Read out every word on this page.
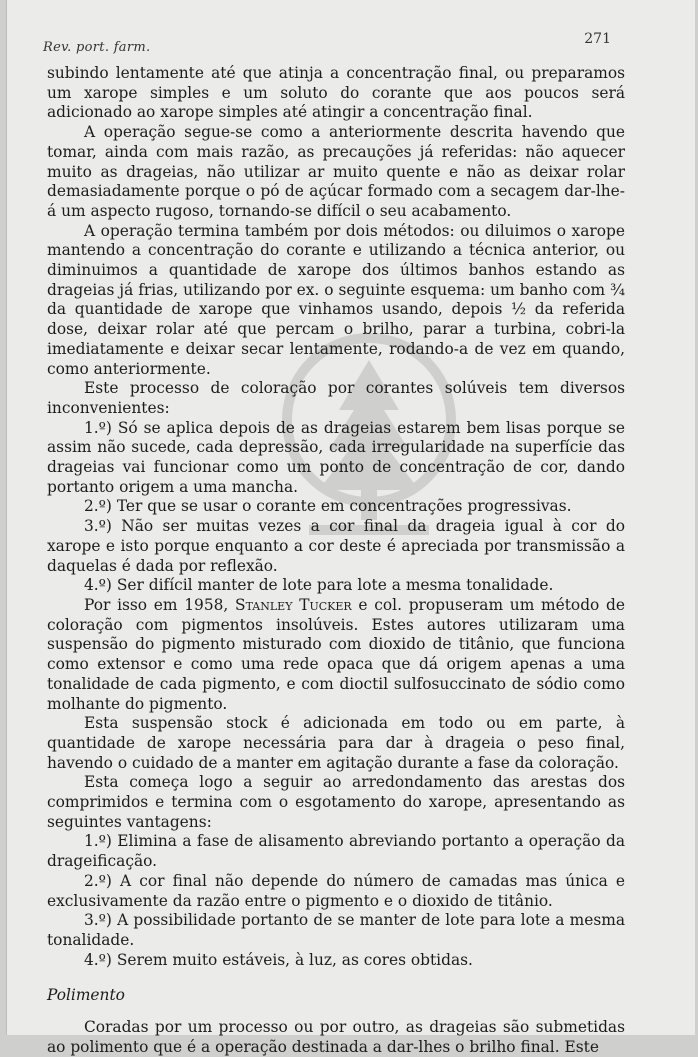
Rev. port. farm.
271

subindo lentamente até que atinja a concentração final, ou preparamos um xarope simples e um soluto do corante que aos poucos será adicionado ao xarope simples até atingir a concentração final.

A operação segue-se como a anteriormente descrita havendo que tomar, ainda com mais razão, as precauções já referidas: não aquecer muito as drageias, não utilizar ar muito quente e não as deixar rolar demasiadamente porque o pó de açúcar formado com a secagem dar-lhe-á um aspecto rugoso, tornando-se difícil o seu acabamento.

A operação termina também por dois métodos: ou diluimos o xarope mantendo a concentração do corante e utilizando a técnica anterior, ou diminuimos a quantidade de xarope dos últimos banhos estando as drageias já frias, utilizando por ex. o seguinte esquema: um banho com ¾ da quantidade de xarope que vinhamos usando, depois ½ da referida dose, deixar rolar até que percam o brilho, parar a turbina, cobri-la imediatamente e deixar secar lentamente, rodando-a de vez em quando, como anteriormente.

Este processo de coloração por corantes solúveis tem diversos inconvenientes:

1.º) Só se aplica depois de as drageias estarem bem lisas porque se assim não sucede, cada depressão, cada irregularidade na superfície das drageias vai funcionar como um ponto de concentração de cor, dando portanto origem a uma mancha.

2.º) Ter que se usar o corante em concentrações progressivas.

3.º) Não ser muitas vezes a cor final da drageia igual à cor do xarope e isto porque enquanto a cor deste é apreciada por transmissão a daquelas é dada por reflexão.

4.º) Ser difícil manter de lote para lote a mesma tonalidade.

Por isso em 1958, Stanley Tucker e col. propuseram um método de coloração com pigmentos insolúveis. Estes autores utilizaram uma suspensão do pigmento misturado com dioxido de titânio, que funciona como extensor e como uma rede opaca que dá origem apenas a uma tonalidade de cada pigmento, e com dioctil sulfosuccinato de sódio como molhante do pigmento.

Esta suspensão stock é adicionada em todo ou em parte, à quantidade de xarope necessária para dar à drageia o peso final, havendo o cuidado de a manter em agitação durante a fase da coloração.

Esta começa logo a seguir ao arredondamento das arestas dos comprimidos e termina com o esgotamento do xarope, apresentando as seguintes vantagens:

1.º) Elimina a fase de alisamento abreviando portanto a operação da drageificação.

2.º) A cor final não depende do número de camadas mas única e exclusivamente da razão entre o pigmento e o dioxido de titânio.

3.º) A possibilidade portanto de se manter de lote para lote a mesma tonalidade.

4.º) Serem muito estáveis, à luz, as cores obtidas.

Polimento

Coradas por um processo ou por outro, as drageias são submetidas ao polimento que é a operação destinada a dar-lhes o brilho final. Este
